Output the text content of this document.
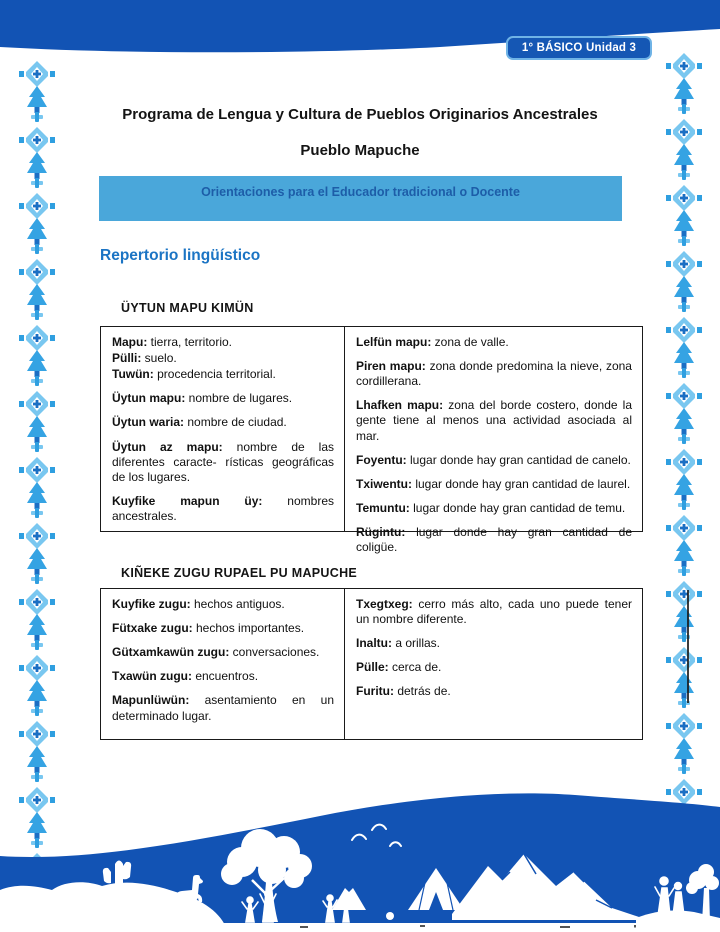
1° BÁSICO Unidad 3
Programa de Lengua y Cultura de Pueblos Originarios Ancestrales
Pueblo Mapuche
Orientaciones para el Educador tradicional o Docente
Repertorio lingüístico
ÜYTUN MAPU KIMÜN

Mapu: tierra, territorio.

Pülli: suelo.

Tuwün: procedencia territorial.

Üytun mapu: nombre de lugares.

Üytun waria: nombre de ciudad.

Üytun az mapu: nombre de las diferentes caracte- rísticas geográficas de los lugares.

Kuyfike mapun üy: nombres ancestrales.

Lelfün mapu: zona de valle.

Piren mapu: zona donde predomina la nieve, zona cordillerana.

Lhafken mapu: zona del borde costero, donde la gente tiene al menos una actividad asociada al mar.

Foyentu: lugar donde hay gran cantidad de canelo.

Txiwentu: lugar donde hay gran cantidad de laurel.

Temuntu: lugar donde hay gran cantidad de temu.

Rügintu: lugar donde hay gran cantidad de coligüe.

KIÑEKE ZUGU RUPAEL PU MAPUCHE

Kuyfike zugu: hechos antiguos.

Fütxake zugu: hechos importantes.

Gütxamkawün zugu: conversaciones.

Txawün zugu: encuentros.

Mapunlüwün: asentamiento en un determinado lugar.

Txegtxeg: cerro más alto, cada uno puede tener un nombre diferente.

Inaltu: a orillas.

Pülle: cerca de.

Furitu: detrás de.
